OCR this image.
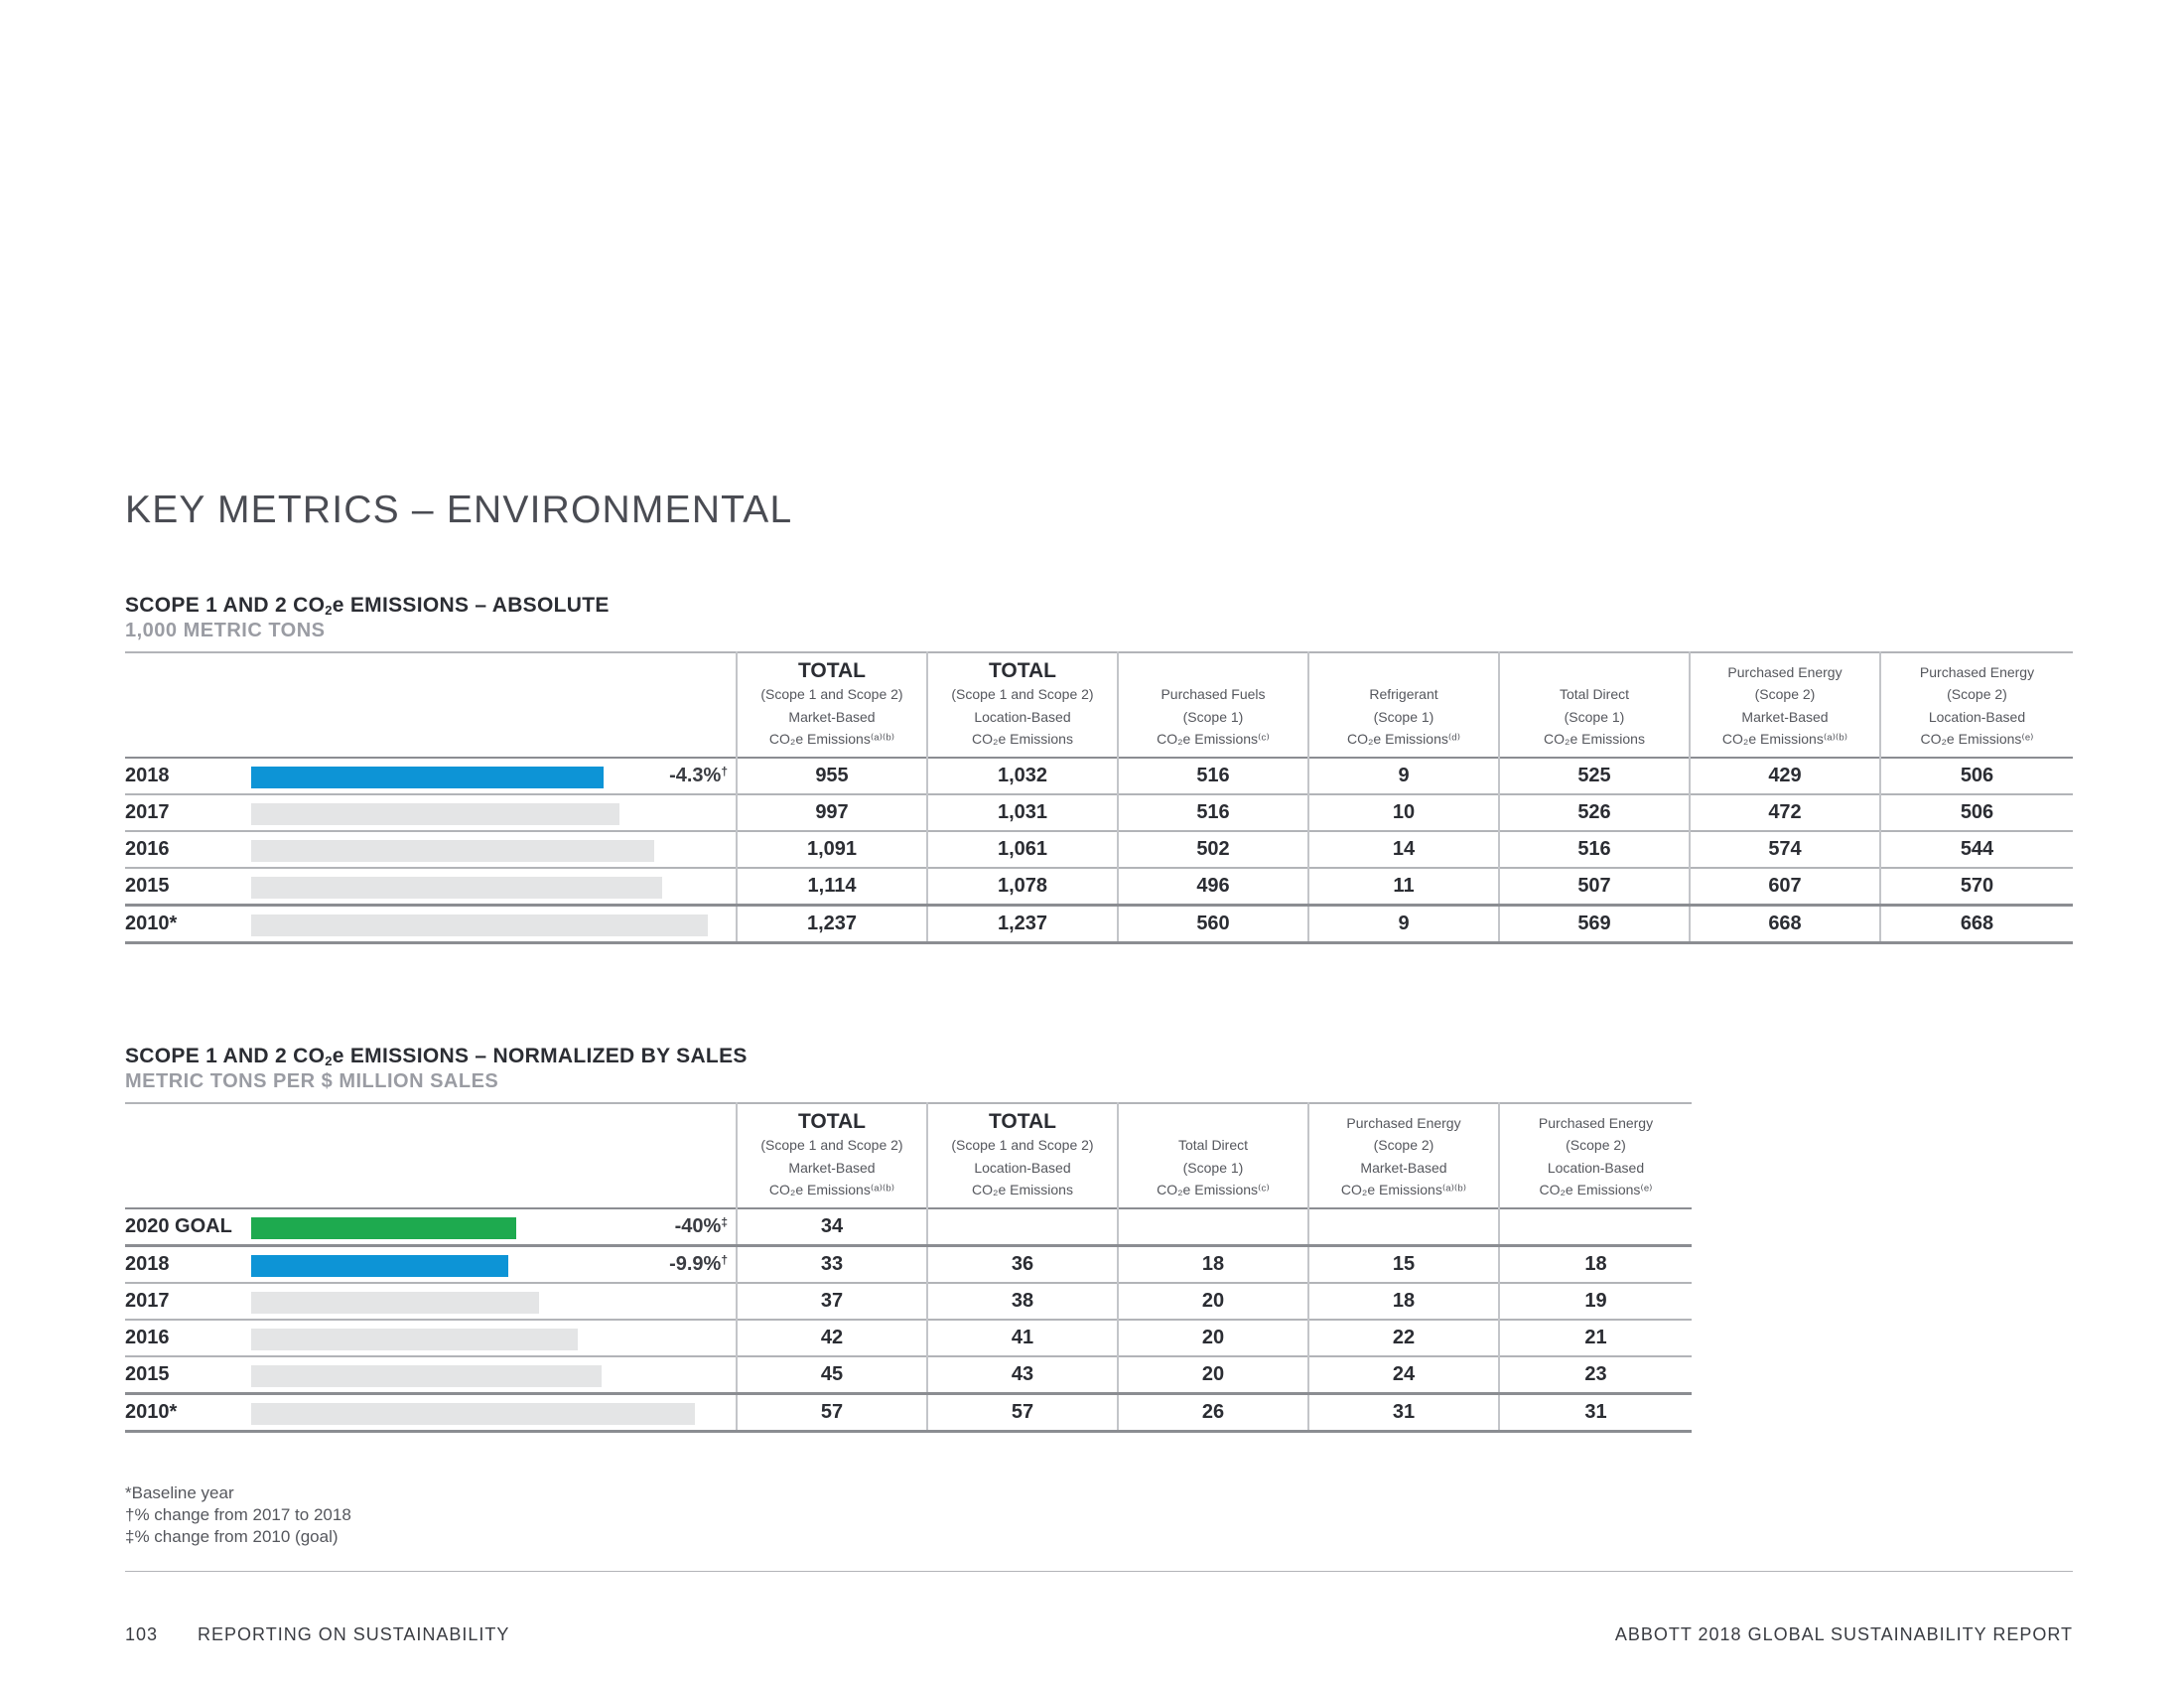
KEY METRICS – ENVIRONMENTAL
SCOPE 1 AND 2 $CO_2e$ EMISSIONS – ABSOLUTE
1,000 METRIC TONS

	TOTAL
(Scope 1 and Scope 2)
Market-Based
CO₂e Emissions⁽ᵃ⁾⁽ᵇ⁾	TOTAL
(Scope 1 and Scope 2)
Location-Based
CO₂e Emissions	Purchased Fuels
(Scope 1)
CO₂e Emissions⁽ᶜ⁾	Refrigerant
(Scope 1)
CO₂e Emissions⁽ᵈ⁾	Total Direct
(Scope 1)
CO₂e Emissions	Purchased Energy
(Scope 2)
Market-Based
CO₂e Emissions⁽ᵃ⁾⁽ᵇ⁾	Purchased Energy
(Scope 2)
Location-Based
CO₂e Emissions⁽ᵉ⁾

2018 -4.3%†	955	1,032	516	9	525	429	506

2017	997	1,031	516	10	526	472	506

2016	1,091	1,061	502	14	516	574	544

2015	1,114	1,078	496	11	507	607	570

2010*	1,237	1,237	560	9	569	668	668
SCOPE 1 AND 2 $CO_2e$ EMISSIONS – NORMALIZED BY SALES
METRIC TONS PER $ MILLION SALES

	TOTAL
(Scope 1 and Scope 2)
Market-Based
CO₂e Emissions⁽ᵃ⁾⁽ᵇ⁾	TOTAL
(Scope 1 and Scope 2)
Location-Based
CO₂e Emissions	Total Direct
(Scope 1)
CO₂e Emissions⁽ᶜ⁾	Purchased Energy
(Scope 2)
Market-Based
CO₂e Emissions⁽ᵃ⁾⁽ᵇ⁾	Purchased Energy
(Scope 2)
Location-Based
CO₂e Emissions⁽ᵉ⁾

2020 GOAL -40%‡	34				

2018 -9.9%†	33	36	18	15	18

2017	37	38	20	18	19

2016	42	41	20	22	21

2015	45	43	20	24	23

2010*	57	57	26	31	31
*Baseline year
†% change from 2017 to 2018
‡% change from 2010 (goal)
103 REPORTING ON SUSTAINABILITY	ABBOTT 2018 GLOBAL SUSTAINABILITY REPORT
